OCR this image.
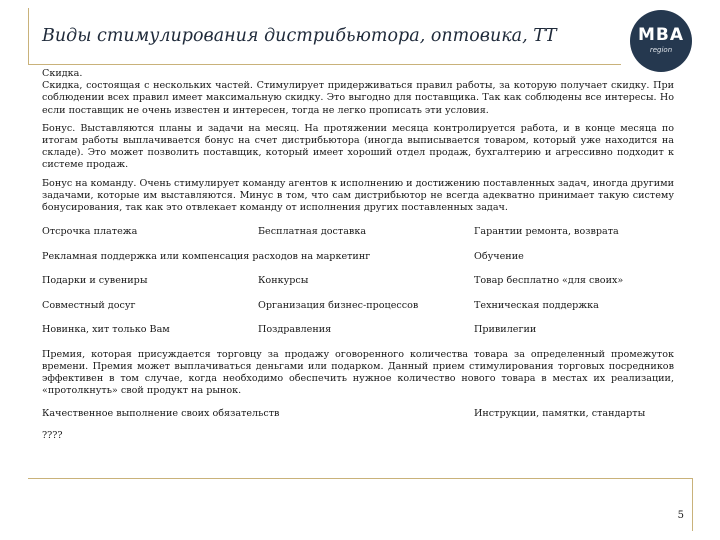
Виды стимулирования дистрибьютора, оптовика, ТТ	MBA
region

Скидка.
Скидка, состоящая с нескольких частей. Стимулирует придерживаться правил работы, за которую получает скидку. При соблюдении всех правил имеет максимальную скидку. Это выгодно для поставщика. Так как соблюдены все интересы. Но если поставщик не очень известен и интересен, тогда не легко прописать эти условия.

Бонус. Выставляются планы и задачи на месяц. На протяжении месяца контролируется работа, и в конце месяца по итогам работы выплачивается бонус на счет дистрибьютора (иногда выписывается товаром, который уже находится на складе). Это может позволить поставщик, который имеет хороший отдел продаж, бухгалтерию и агрессивно подходит к системе продаж.

Бонус на команду. Очень стимулирует команду агентов к исполнению и достижению поставленных задач, иногда другими задачами, которые им выставляются. Минус в том, что сам дистрибьютор не всегда адекватно принимает такую систему бонусирования, так как это отвлекает команду от исполнения других поставленных задач.

Отсрочка платежа	Бесплатная доставка	Гарантии ремонта, возврата
Рекламная поддержка или компенсация расходов на маркетинг	Обучение
Подарки и сувениры	Конкурсы	Товар бесплатно «для своих»
Совместный досуг	Организация бизнес-процессов	Техническая поддержка
Новинка, хит только Вам	Поздравления	Привилегии

Премия, которая присуждается торговцу за продажу оговоренного количества товара за определенный промежуток времени. Премия может выплачиваться деньгами или подарком. Данный прием стимулирования торговых посредников эффективен в том случае, когда необходимо обеспечить нужное количество нового товара в местах их реализации, «протолкнуть» свой продукт на рынок.

Качественное выполнение своих обязательств	Инструкции, памятки, стандарты

????

5
